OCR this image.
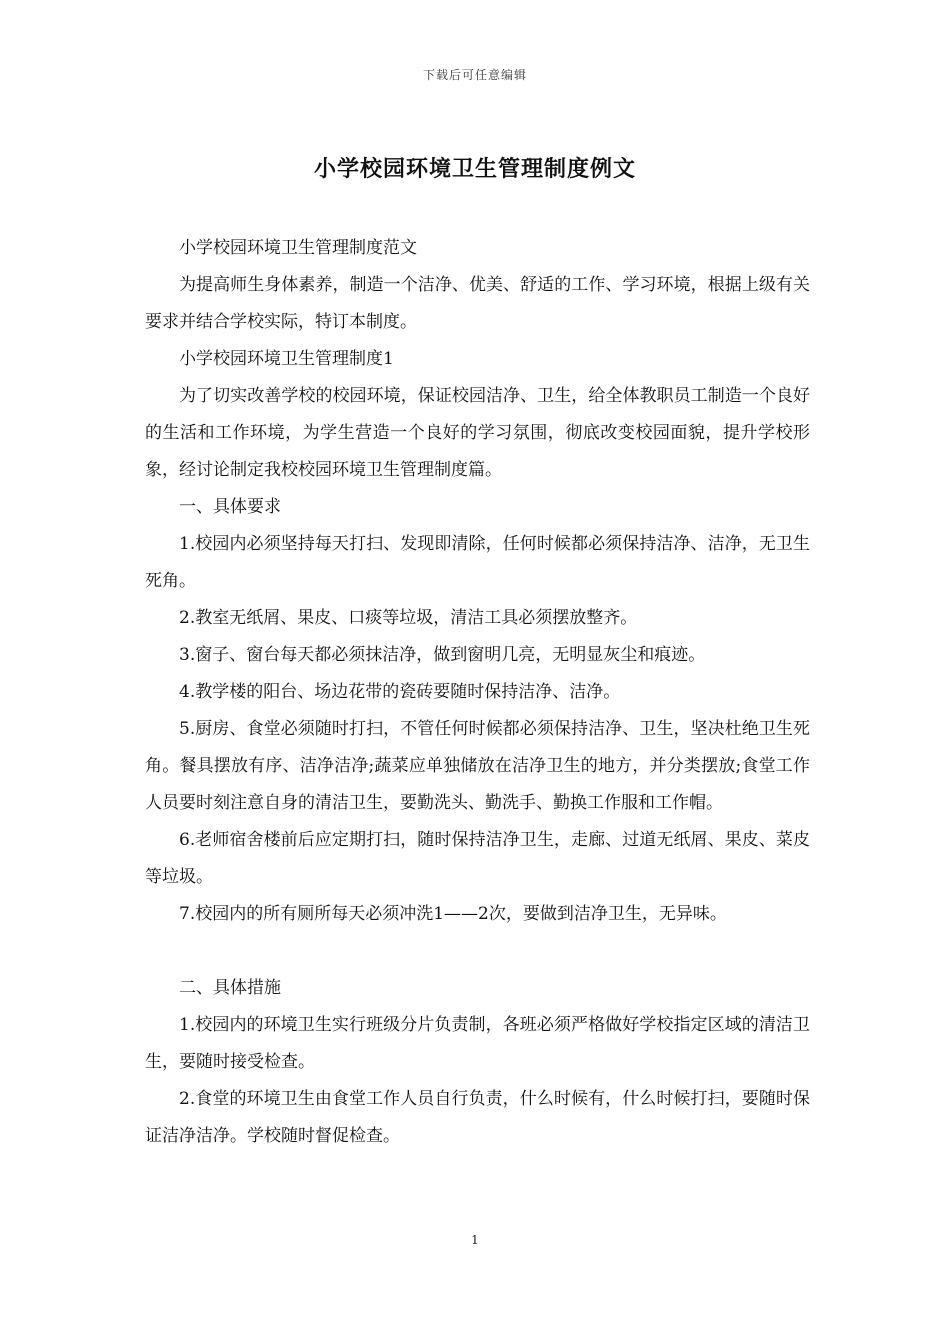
下载后可任意编辑
小学校园环境卫生管理制度例文

小学校园环境卫生管理制度范文

为提高师生身体素养，制造一个洁净、优美、舒适的工作、学习环境，根据上级有关要求并结合学校实际，特订本制度。

小学校园环境卫生管理制度1

为了切实改善学校的校园环境，保证校园洁净、卫生，给全体教职员工制造一个良好的生活和工作环境，为学生营造一个良好的学习氛围，彻底改变校园面貌，提升学校形象，经讨论制定我校校园环境卫生管理制度篇。

一、具体要求

1.校园内必须坚持每天打扫、发现即清除，任何时候都必须保持洁净、洁净，无卫生死角。

2.教室无纸屑、果皮、口痰等垃圾，清洁工具必须摆放整齐。

3.窗子、窗台每天都必须抹洁净，做到窗明几亮，无明显灰尘和痕迹。

4.教学楼的阳台、场边花带的瓷砖要随时保持洁净、洁净。

5.厨房、食堂必须随时打扫，不管任何时候都必须保持洁净、卫生，坚决杜绝卫生死角。餐具摆放有序、洁净洁净;蔬菜应单独储放在洁净卫生的地方，并分类摆放;食堂工作人员要时刻注意自身的清洁卫生，要勤洗头、勤洗手、勤换工作服和工作帽。

6.老师宿舍楼前后应定期打扫，随时保持洁净卫生，走廊、过道无纸屑、果皮、菜皮等垃圾。

7.校园内的所有厕所每天必须冲洗1——2次，要做到洁净卫生，无异味。

二、具体措施

1.校园内的环境卫生实行班级分片负责制，各班必须严格做好学校指定区域的清洁卫生，要随时接受检查。

2.食堂的环境卫生由食堂工作人员自行负责，什么时候有，什么时候打扫，要随时保证洁净洁净。学校随时督促检查。

1
